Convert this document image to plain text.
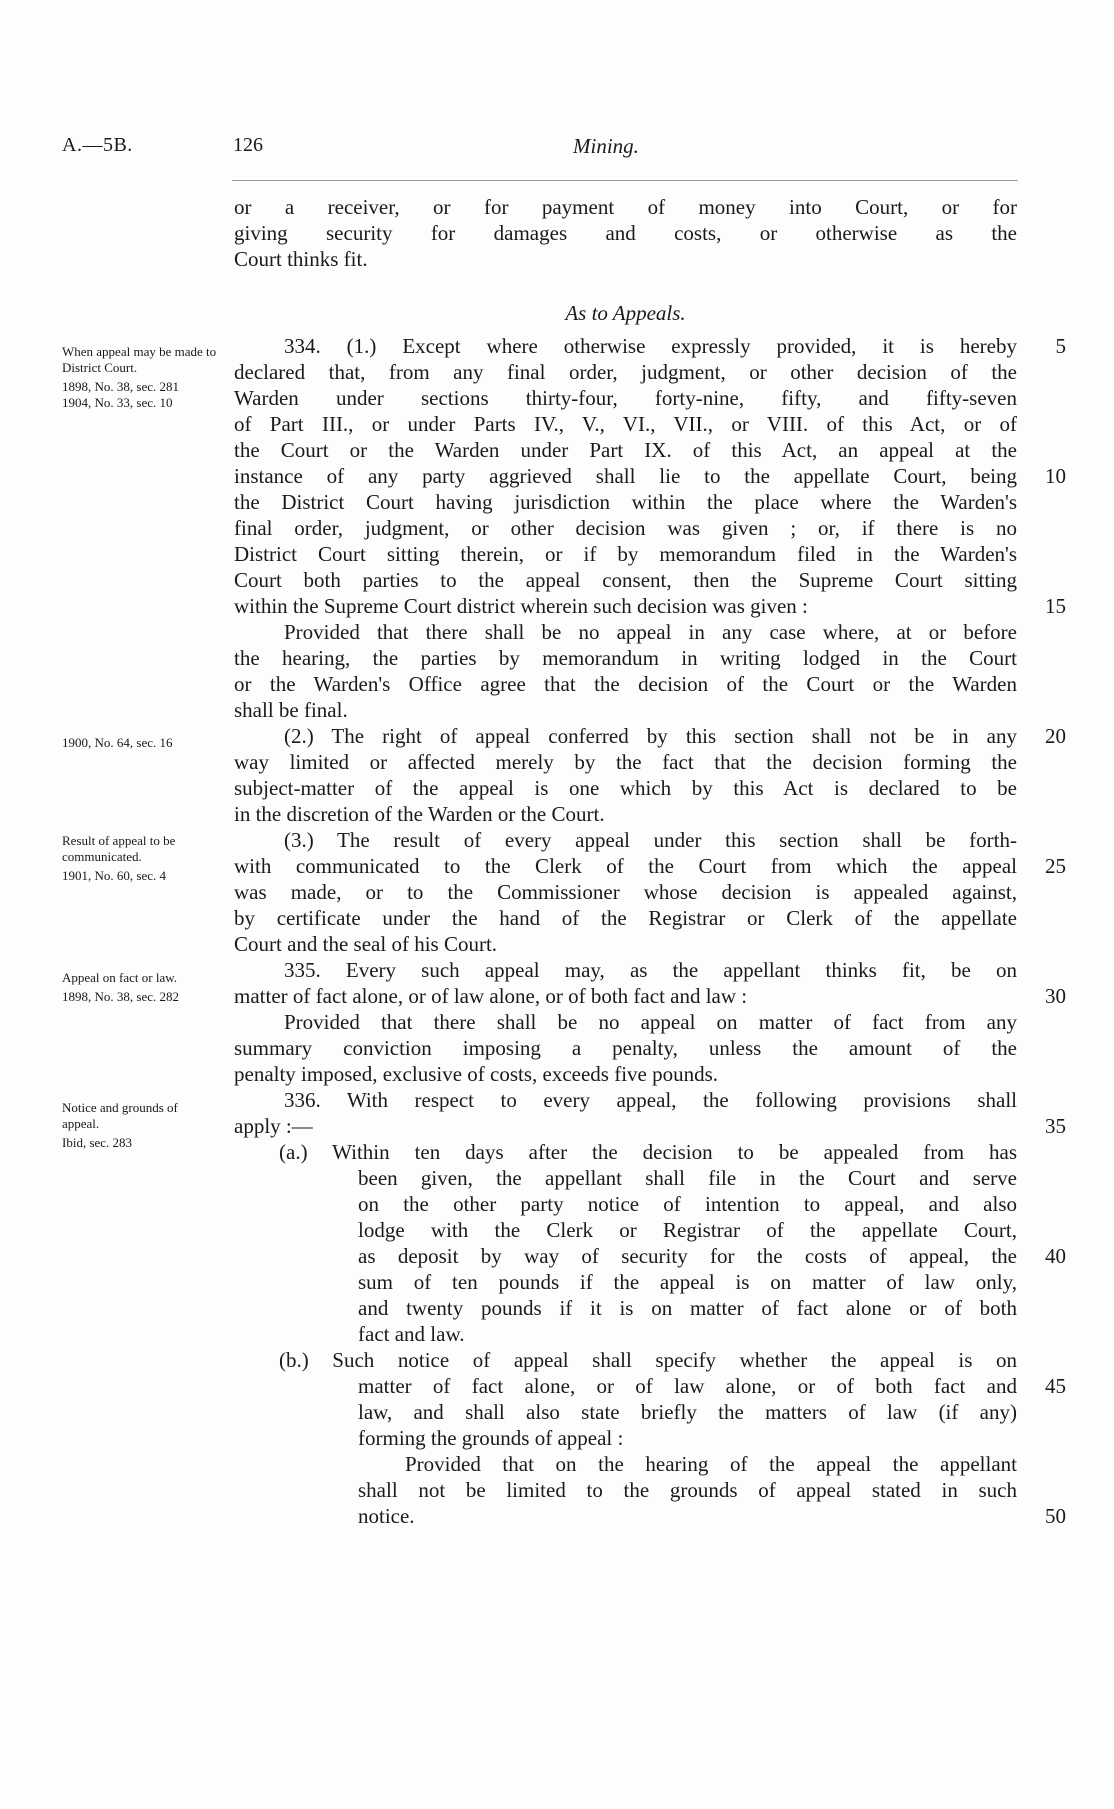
A.—5B.	126	Mining.
When appeal may be made to District Court.
1898, No. 38, sec. 281
1904, No. 33, sec. 10
1900, No. 64, sec. 16
Result of appeal to be communicated.
1901, No. 60, sec. 4
Appeal on fact or law.
1898, No. 38, sec. 282
Notice and grounds of appeal.
Ibid, sec. 283
or a receiver, or for payment of money into Court, or for
giving security for damages and costs, or otherwise as the
Court thinks fit.
As to Appeals.
334. (1.) Except where otherwise expressly provided, it is hereby
declared that, from any final order, judgment, or other decision of the
Warden under sections thirty-four, forty-nine, fifty, and fifty-seven
of Part III., or under Parts IV., V., VI., VII., or VIII. of this Act, or of
the Court or the Warden under Part IX. of this Act, an appeal at the
instance of any party aggrieved shall lie to the appellate Court, being
the District Court having jurisdiction within the place where the Warden's
final order, judgment, or other decision was given ; or, if there is no
District Court sitting therein, or if by memorandum filed in the Warden's
Court both parties to the appeal consent, then the Supreme Court sitting
within the Supreme Court district wherein such decision was given :
Provided that there shall be no appeal in any case where, at or before
the hearing, the parties by memorandum in writing lodged in the Court
or the Warden's Office agree that the decision of the Court or the Warden
shall be final.
(2.) The right of appeal conferred by this section shall not be in any
way limited or affected merely by the fact that the decision forming the
subject-matter of the appeal is one which by this Act is declared to be
in the discretion of the Warden or the Court.
(3.) The result of every appeal under this section shall be forth-
with communicated to the Clerk of the Court from which the appeal
was made, or to the Commissioner whose decision is appealed against,
by certificate under the hand of the Registrar or Clerk of the appellate
Court and the seal of his Court.
335. Every such appeal may, as the appellant thinks fit, be on
matter of fact alone, or of law alone, or of both fact and law :
Provided that there shall be no appeal on matter of fact from any
summary conviction imposing a penalty, unless the amount of the
penalty imposed, exclusive of costs, exceeds five pounds.
336. With respect to every appeal, the following provisions shall
apply :—
(a.) Within ten days after the decision to be appealed from has
been given, the appellant shall file in the Court and serve
on the other party notice of intention to appeal, and also
lodge with the Clerk or Registrar of the appellate Court,
as deposit by way of security for the costs of appeal, the
sum of ten pounds if the appeal is on matter of law only,
and twenty pounds if it is on matter of fact alone or of both
fact and law.
(b.) Such notice of appeal shall specify whether the appeal is on
matter of fact alone, or of law alone, or of both fact and
law, and shall also state briefly the matters of law (if any)
forming the grounds of appeal :
Provided that on the hearing of the appeal the appellant
shall not be limited to the grounds of appeal stated in such
notice.
5
10
15
20
25
30
35
40
45
50
